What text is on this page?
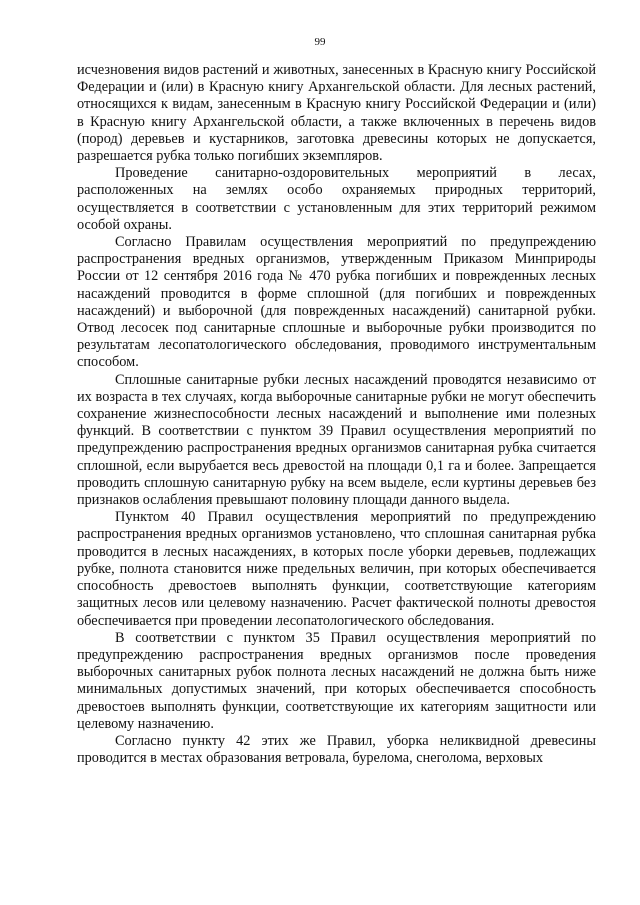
99

исчезновения видов растений и животных, занесенных в Красную книгу Российской Федерации и (или) в Красную книгу Архангельской области. Для лесных растений, относящихся к видам, занесенным в Красную книгу Российской Федерации и (или) в Красную книгу Архангельской области, а также включенных в перечень видов (пород) деревьев и кустарников, заготовка древесины которых не допускается, разрешается рубка только погибших экземпляров.

Проведение санитарно-оздоровительных мероприятий в лесах, расположенных на землях особо охраняемых природных территорий, осуществляется в соответствии с установленным для этих территорий режимом особой охраны.

Согласно Правилам осуществления мероприятий по предупреждению распространения вредных организмов, утвержденным Приказом Минприроды России от 12 сентября 2016 года № 470 рубка погибших и поврежденных лесных насаждений проводится в форме сплошной (для погибших и поврежденных насаждений) и выборочной (для поврежденных насаждений) санитарной рубки. Отвод лесосек под санитарные сплошные и выборочные рубки производится по результатам лесопатологического обследования, проводимого инструментальным способом.

Сплошные санитарные рубки лесных насаждений проводятся независимо от их возраста в тех случаях, когда выборочные санитарные рубки не могут обеспечить сохранение жизнеспособности лесных насаждений и выполнение ими полезных функций. В соответствии с пунктом 39 Правил осуществления мероприятий по предупреждению распространения вредных организмов санитарная рубка считается сплошной, если вырубается весь древостой на площади 0,1 га и более. Запрещается проводить сплошную санитарную рубку на всем выделе, если куртины деревьев без признаков ослабления превышают половину площади данного выдела.

Пунктом 40 Правил осуществления мероприятий по предупреждению распространения вредных организмов установлено, что сплошная санитарная рубка проводится в лесных насаждениях, в которых после уборки деревьев, подлежащих рубке, полнота становится ниже предельных величин, при которых обеспечивается способность древостоев выполнять функции, соответствующие категориям защитных лесов или целевому назначению. Расчет фактической полноты древостоя обеспечивается при проведении лесопатологического обследования.

В соответствии с пунктом 35 Правил осуществления мероприятий по предупреждению распространения вредных организмов после проведения выборочных санитарных рубок полнота лесных насаждений не должна быть ниже минимальных допустимых значений, при которых обеспечивается способность древостоев выполнять функции, соответствующие их категориям защитности или целевому назначению.

Согласно пункту 42 этих же Правил, уборка неликвидной древесины проводится в местах образования ветровала, бурелома, снеголома, верховых
